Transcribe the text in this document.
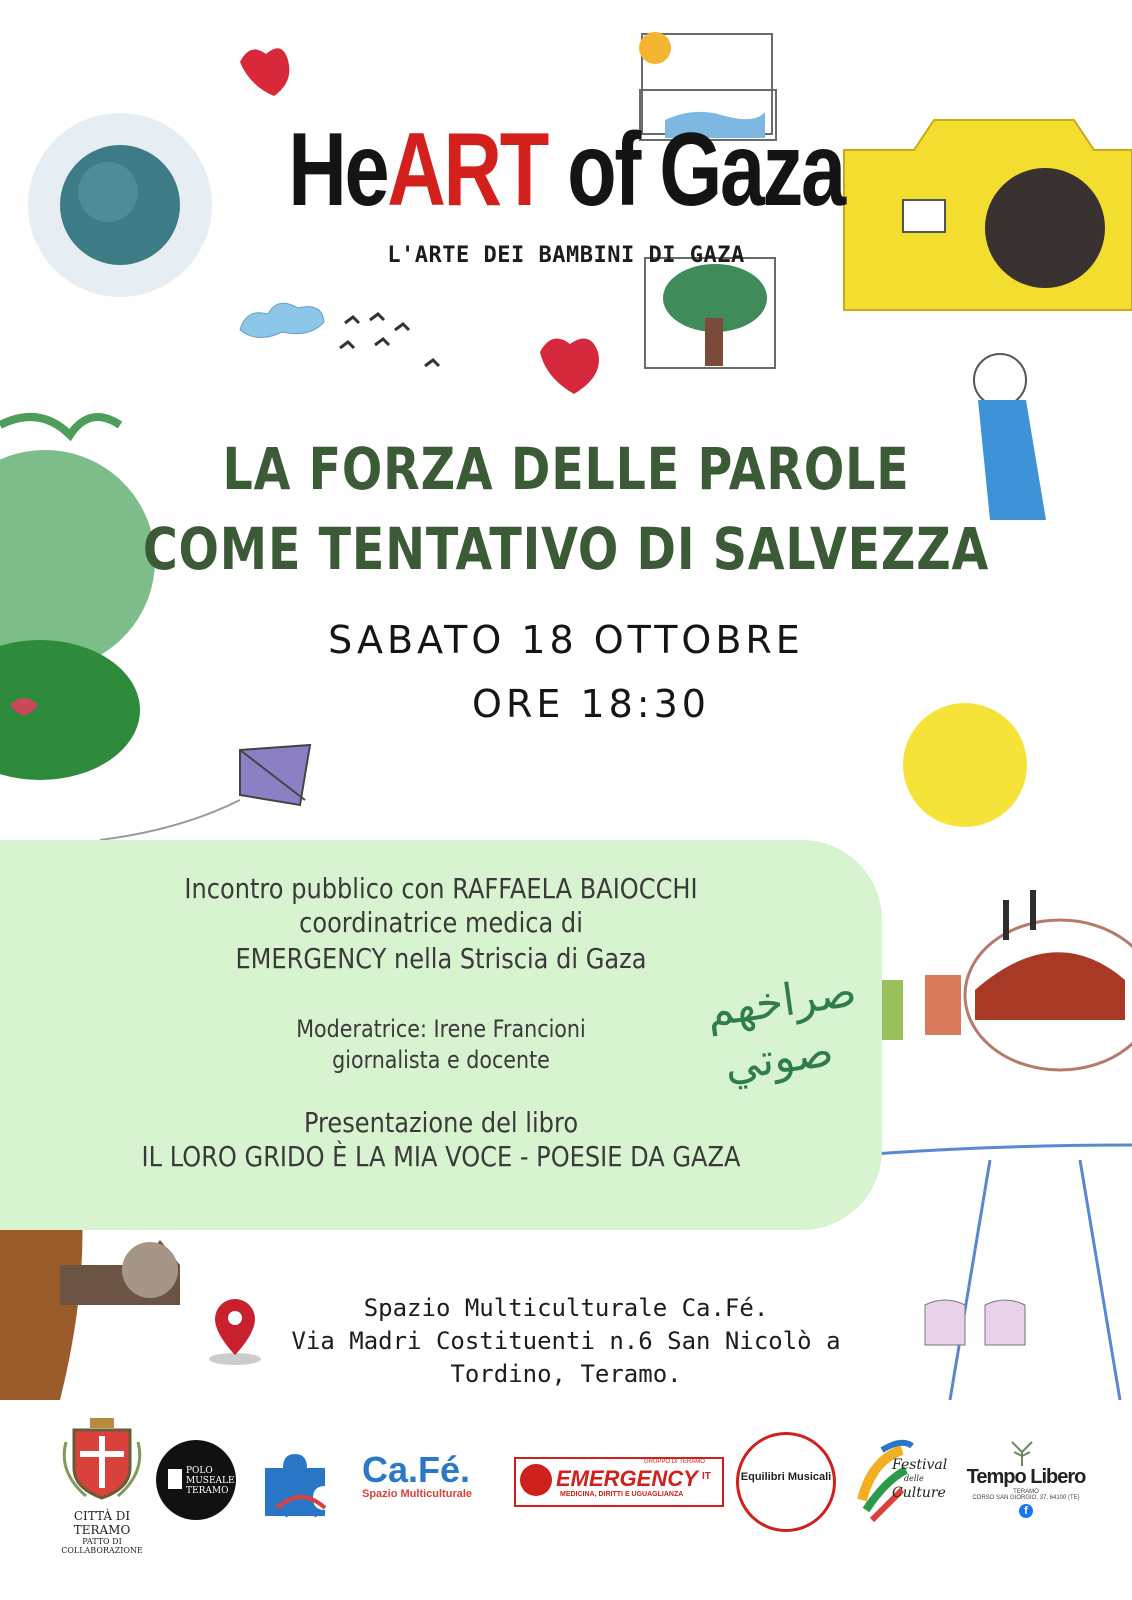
HeART of Gaza
L'ARTE DEI BAMBINI DI GAZA
LA FORZA DELLE PAROLE
COME TENTATIVO DI SALVEZZA
SABATO 18 OTTOBRE
ORE 18:30
Incontro pubblico con RAFFAELA BAIOCCHI
coordinatrice medica di
EMERGENCY nella Striscia di Gaza
Moderatrice: Irene Francioni
giornalista e docente
Presentazione del libro
IL LORO GRIDO È LA MIA VOCE - POESIE DA GAZA
صراخهم صوتي
Spazio Multiculturale Ca.Fé.
Via Madri Costituenti n.6 San Nicolò a
Tordino, Teramo.
CITTÀ DI TERAMO
PATTO DI COLLABORAZIONE
POLO
MUSEALE
TERAMO
Ca.Fé.
Spazio Multiculturale
GRUPPO DI TERAMO
EMERGENCY IT
MEDICINA, DIRITTI E UGUAGLIANZA
Equilibri Musicali
Festival
delle
Culture
Tempo Libero
TERAMO
CORSO SAN GIORGIO, 37, 64100 (TE)
f
